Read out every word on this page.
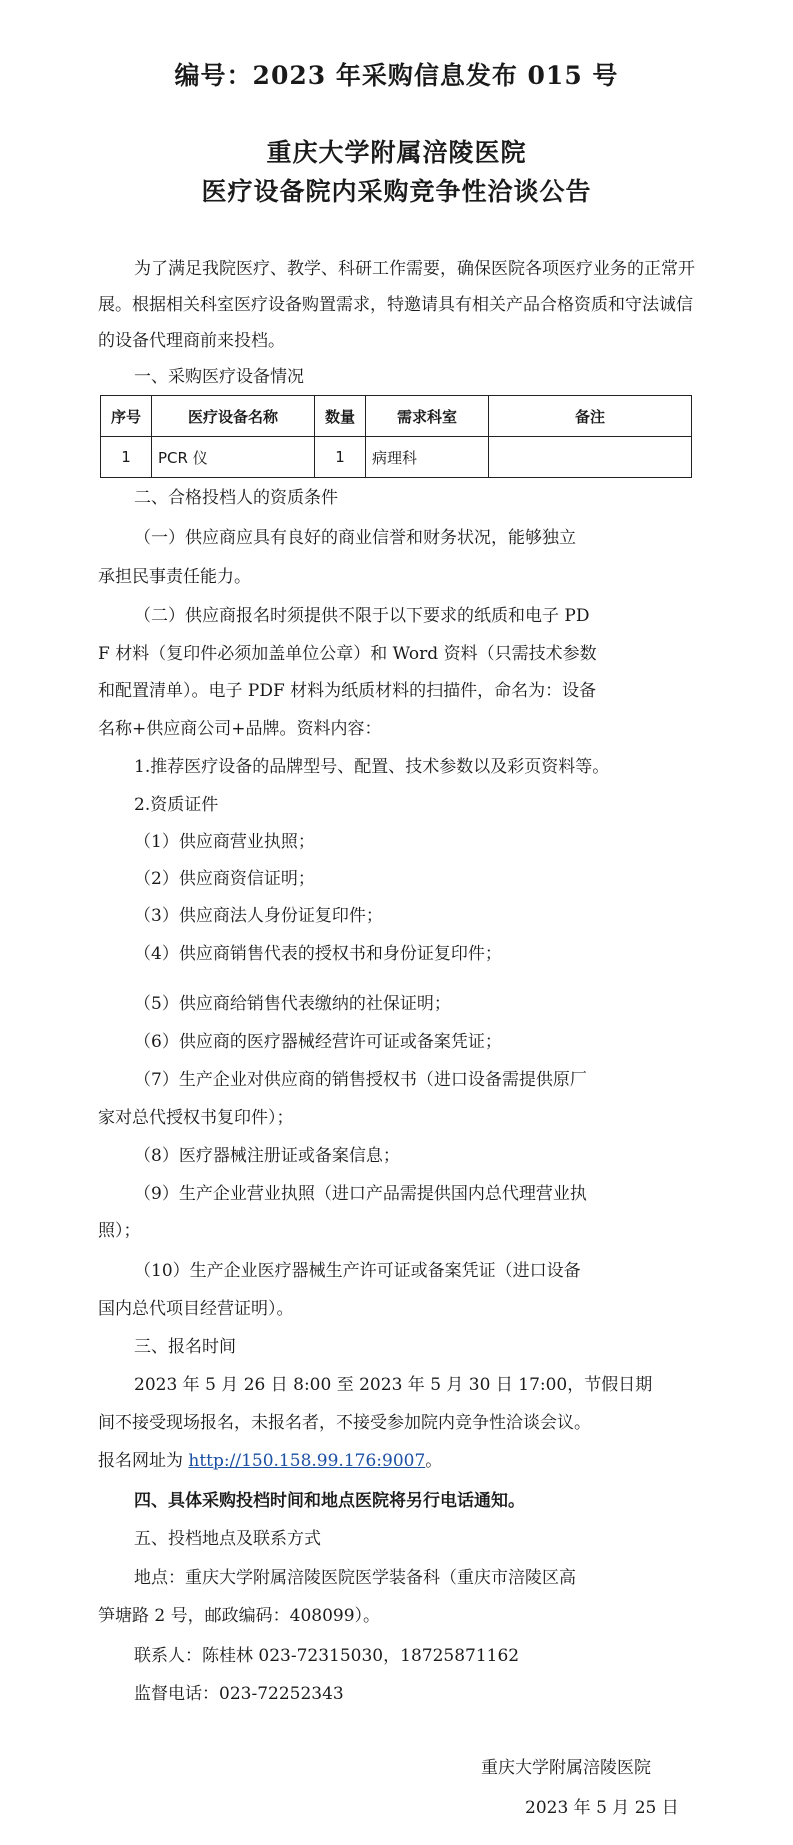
编号：2023 年采购信息发布 015 号
重庆大学附属涪陵医院
医疗设备院内采购竞争性洽谈公告
为了满足我院医疗、教学、科研工作需要，确保医院各项医疗业务的正常开展。根据相关科室医疗设备购置需求，特邀请具有相关产品合格资质和守法诚信的设备代理商前来投档。
一、采购医疗设备情况
序号	医疗设备名称	数量	需求科室	备注
1	PCR 仪	1	病理科	
二、合格投档人的资质条件
（一）供应商应具有良好的商业信誉和财务状况，能够独立
承担民事责任能力。
（二）供应商报名时须提供不限于以下要求的纸质和电子 PD
F 材料（复印件必须加盖单位公章）和 Word 资料（只需技术参数
和配置清单）。电子 PDF 材料为纸质材料的扫描件，命名为：设备
名称+供应商公司+品牌。资料内容：
1.推荐医疗设备的品牌型号、配置、技术参数以及彩页资料等。
2.资质证件
（1）供应商营业执照；
（2）供应商资信证明；
（3）供应商法人身份证复印件；
（4）供应商销售代表的授权书和身份证复印件；
（5）供应商给销售代表缴纳的社保证明；
（6）供应商的医疗器械经营许可证或备案凭证；
（7）生产企业对供应商的销售授权书（进口设备需提供原厂
家对总代授权书复印件）；
（8）医疗器械注册证或备案信息；
（9）生产企业营业执照（进口产品需提供国内总代理营业执
照）；
（10）生产企业医疗器械生产许可证或备案凭证（进口设备
国内总代项目经营证明）。
三、报名时间
2023 年 5 月 26 日 8:00 至 2023 年 5 月 30 日 17:00，节假日期
间不接受现场报名，未报名者，不接受参加院内竞争性洽谈会议。
报名网址为 http://150.158.99.176:9007。
四、具体采购投档时间和地点医院将另行电话通知。
五、投档地点及联系方式
地点：重庆大学附属涪陵医院医学装备科（重庆市涪陵区高
笋塘路 2 号，邮政编码：408099）。
联系人：陈桂林 023-72315030，18725871162
监督电话：023-72252343
重庆大学附属涪陵医院
2023 年 5 月 25 日
